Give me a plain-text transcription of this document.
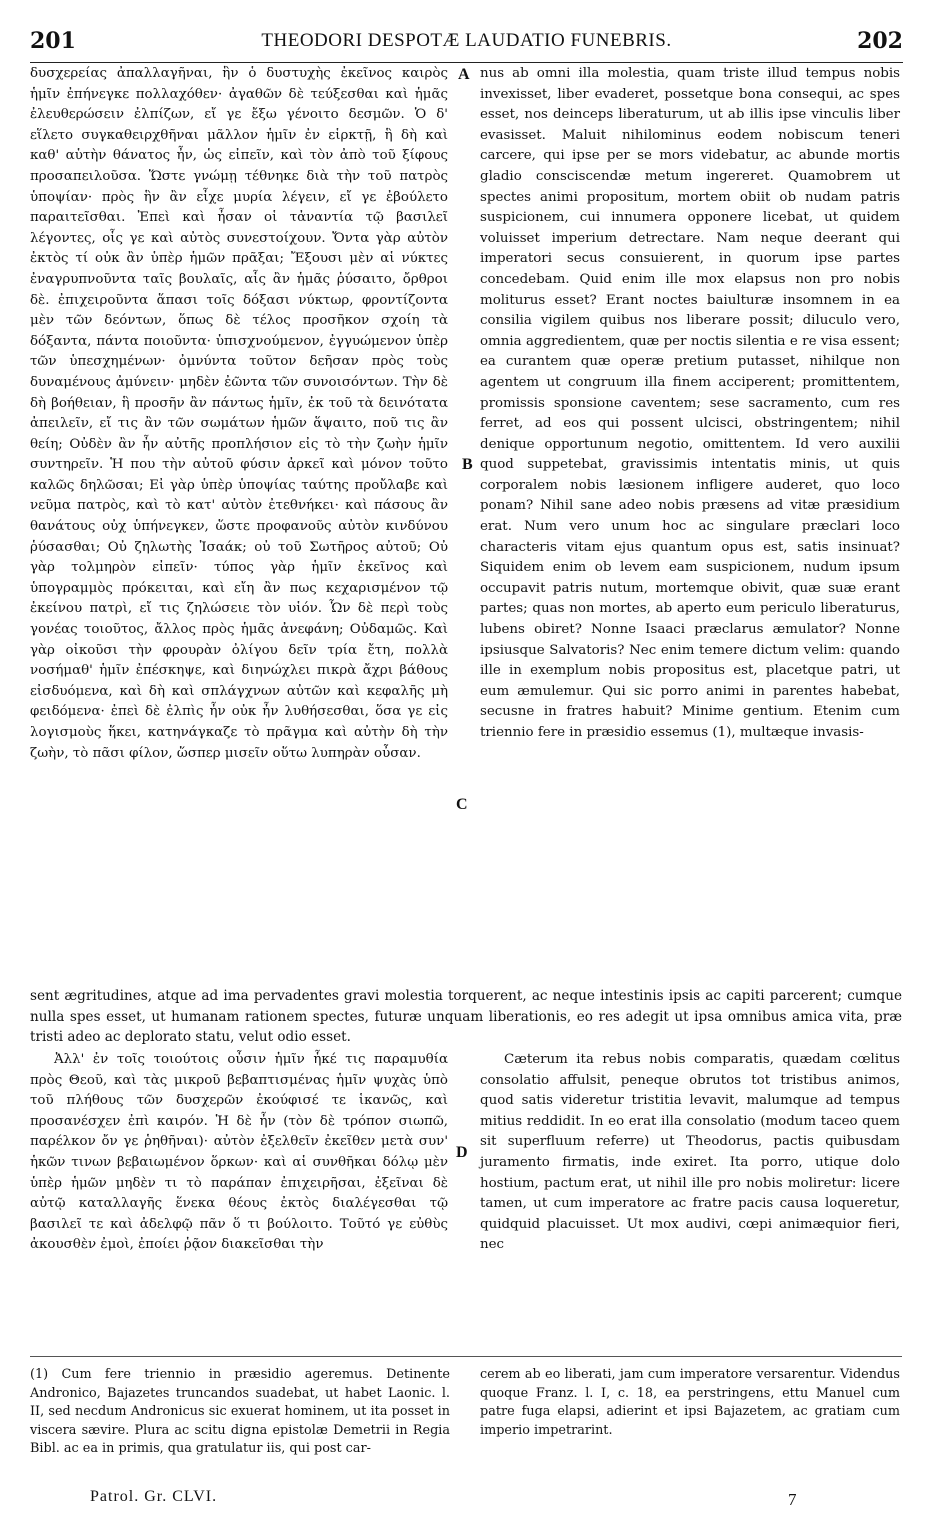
201	THEODORI DESPOTÆ LAUDATIO FUNEBRIS.	202

δυσχερείας ἀπαλλαγῆναι, ἣν ὁ δυστυχὴς ἐκεῖνος καιρὸς ἡμῖν ἐπήνεγκε πολλαχόθεν· ἀγαθῶν δὲ τεύξεσθαι καὶ ἡμᾶς ἐλευθερώσειν ἐλπίζων, εἴ γε ἔξω γένοιτο δεσμῶν. Ὁ δ' εἵλετο συγκαθειρχθῆναι μᾶλλον ἡμῖν ἐν εἱρκτῇ, ἣ δὴ καὶ καθ' αὑτὴν θάνατος ἦν, ὡς εἰπεῖν, καὶ τὸν ἀπὸ τοῦ ξίφους προσαπειλοῦσα. Ὥστε γνώμῃ τέθνηκε διὰ τὴν τοῦ πατρὸς ὑποψίαν· πρὸς ἣν ἂν εἶχε μυρία λέγειν, εἴ γε ἐβούλετο παραιτεῖσθαι. Ἐπεὶ καὶ ἦσαν οἱ τἀναντία τῷ βασιλεῖ λέγοντες, οἷς γε καὶ αὐτὸς συνεστοίχουν. Ὄντα γὰρ αὐτὸν ἐκτὸς τί οὐκ ἂν ὑπὲρ ἡμῶν πρᾶξαι; Ἔξουσι μὲν αἱ νύκτες ἐναγρυπνοῦντα ταῖς βουλαῖς, αἷς ἂν ἡμᾶς ῥύσαιτο, ὄρθροι δὲ. ἐπιχειροῦντα ἅπασι τοῖς δόξασι νύκτωρ, φροντίζοντα μὲν τῶν δεόντων, ὅπως δὲ τέλος προσῆκον σχοίη τὰ δόξαντα, πάντα ποιοῦντα· ὑπισχνούμενον, ἐγγυώμενον ὑπὲρ τῶν ὑπεσχημένων· ὀμνύντα τοῦτον δεῆσαν πρὸς τοὺς δυναμένους ἀμύνειν· μηδὲν ἐῶντα τῶν συνοισόντων. Τὴν δὲ δὴ βοήθειαν, ἣ προσῆν ἂν πάντως ἡμῖν, ἐκ τοῦ τὰ δεινότατα ἀπειλεῖν, εἴ τις ἂν τῶν σωμάτων ἡμῶν ἅψαιτο, ποῦ τις ἂν θείη; Οὐδὲν ἂν ἦν αὐτῆς προπλήσιον εἰς τὸ τὴν ζωὴν ἡμῖν συντηρεῖν. Ἡ που τὴν αὐτοῦ φύσιν ἀρκεῖ καὶ μόνον τοῦτο καλῶς δηλῶσαι; Εἰ γὰρ ὑπὲρ ὑποψίας ταύτης προὔλαβε καὶ νεῦμα πατρὸς, καὶ τὸ κατ' αὐτὸν ἐτεθνήκει· καὶ πάσους ἂν θανάτους οὐχ ὑπήνεγκεν, ὥστε προφανοῦς αὐτὸν κινδύνου ῥύσασθαι; Οὐ ζηλωτὴς Ἰσαάκ; οὐ τοῦ Σωτῆρος αὐτοῦ; Οὐ γὰρ τολμηρὸν εἰπεῖν· τύπος γὰρ ἡμῖν ἐκεῖνος καὶ ὑπογραμμὸς πρόκειται, καὶ εἴη ἂν πως κεχαρισμένον τῷ ἐκείνου πατρὶ, εἴ τις ζηλώσειε τὸν υἱόν. Ὧν δὲ περὶ τοὺς γονέας τοιοῦτος, ἄλλος πρὸς ἡμᾶς ἀνεφάνη; Οὐδαμῶς. Καὶ γὰρ οἰκοῦσι τὴν φρουρὰν ὀλίγου δεῖν τρία ἔτη, πολλὰ νοσήμαθ' ἡμῖν ἐπέσκηψε, καὶ διηνώχλει πικρὰ ἄχρι βάθους εἰσδυόμενα, καὶ δὴ καὶ σπλάγχνων αὐτῶν καὶ κεφαλῆς μὴ φειδόμενα· ἐπεὶ δὲ ἐλπὶς ἦν οὐκ ἦν λυθήσεσθαι, ὅσα γε εἰς λογισμοὺς ἥκει, κατηνάγκαζε τὸ πρᾶγμα καὶ αὐτὴν δὴ τὴν ζωὴν, τὸ πᾶσι φίλον, ὥσπερ μισεῖν οὕτω λυπηρὰν οὖσαν.

nus ab omni illa molestia, quam triste illud tempus nobis invexisset, liber evaderet, possetque bona consequi, ac spes esset, nos deinceps liberaturum, ut ab illis ipse vinculis liber evasisset. Maluit nihilominus eodem nobiscum teneri carcere, qui ipse per se mors videbatur, ac abunde mortis gladio consciscendæ metum ingereret. Quamobrem ut spectes animi propositum, mortem obiit ob nudam patris suspicionem, cui innumera opponere licebat, ut quidem voluisset imperium detrectare. Nam neque deerant qui imperatori secus consuierent, in quorum ipse partes concedebam. Quid enim ille mox elapsus non pro nobis moliturus esset? Erant noctes baiulturæ insomnem in ea consilia vigilem quibus nos liberare possit; diluculo vero, omnia aggredientem, quæ per noctis silentia e re visa essent; ea curantem quæ operæ pretium putasset, nihilque non agentem ut congruum illa finem acciperent; promittentem, promissis sponsione caventem; sese sacramento, cum res ferret, ad eos qui possent ulcisci, obstringentem; nihil denique opportunum negotio, omittentem. Id vero auxilii quod suppetebat, gravissimis intentatis minis, ut quis corporalem nobis læsionem infligere auderet, quo loco ponam? Nihil sane adeo nobis præsens ad vitæ præsidium erat. Num vero unum hoc ac singulare præclari loco characteris vitam ejus quantum opus est, satis insinuat? Siquidem enim ob levem eam suspicionem, nudum ipsum occupavit patris nutum, mortemque obivit, quæ suæ erant partes; quas non mortes, ab aperto eum periculo liberaturus, lubens obiret? Nonne Isaaci præclarus æmulator? Nonne ipsiusque Salvatoris? Nec enim temere dictum velim: quando ille in exemplum nobis propositus est, placetque patri, ut eum æmulemur. Qui sic porro animi in parentes habebat, secusne in fratres habuit? Minime gentium. Etenim cum triennio fere in præsidio essemus (1), multæque invasis-

A
B
C
D

sent ægritudines, atque ad ima pervadentes gravi molestia torquerent, ac neque intestinis ipsis ac capiti parcerent; cumque nulla spes esset, ut humanam rationem spectes, futuræ unquam liberationis, eo res adegit ut ipsa omnibus amica vita, præ tristi adeo ac deplorato statu, velut odio esset.

Ἀλλ' ἐν τοῖς τοιούτοις οὖσιν ἡμῖν ἧκέ τις παραμυθία πρὸς Θεοῦ, καὶ τὰς μικροῦ βεβαπτισμένας ἡμῖν ψυχὰς ὑπὸ τοῦ πλήθους τῶν δυσχερῶν ἐκούφισέ τε ἱκανῶς, καὶ προσανέσχεν ἐπὶ καιρόν. Ἡ δὲ ἦν (τὸν δὲ τρόπον σιωπῶ, παρέλκον ὄν γε ῥηθῆναι)· αὐτὸν ἐξελθεῖν ἐκεῖθεν μετὰ συν' ἡκῶν τινων βεβαιωμένον ὅρκων· καὶ αἱ συνθῆκαι δόλῳ μὲν ὑπὲρ ἡμῶν μηδὲν τι τὸ παράπαν ἐπιχειρῆσαι, ἐξεῖναι δὲ αὐτῷ καταλλαγῆς ἕνεκα θέους ἐκτὸς διαλέγεσθαι τῷ βασιλεῖ τε καὶ ἀδελφῷ πᾶν ὅ τι βούλοιτο. Τοῦτό γε εὐθὺς ἀκουσθὲν ἐμοὶ, ἐποίει ῥᾷον διακεῖσθαι τὴν

Cæterum ita rebus nobis comparatis, quædam cœlitus consolatio affulsit, peneque obrutos tot tristibus animos, quod satis videretur tristitia levavit, malumque ad tempus mitius reddidit. In eo erat illa consolatio (modum taceo quem sit superfluum referre) ut Theodorus, pactis quibusdam juramento firmatis, inde exiret. Ita porro, utique dolo hostium, pactum erat, ut nihil ille pro nobis moliretur: licere tamen, ut cum imperatore ac fratre pacis causa loqueretur, quidquid placuisset. Ut mox audivi, cœpi animæquior fieri, nec

(1) Cum fere triennio in præsidio ageremus. Detinente Andronico, Bajazetes truncandos suadebat, ut habet Laonic. l. II, sed necdum Andronicus sic exuerat hominem, ut ita posset in viscera sævire. Plura ac scitu digna epistolæ Demetrii in Regia Bibl. ac ea in primis, qua gratulatur iis, qui post car-
cerem ab eo liberati, jam cum imperatore versarentur. Videndus quoque Franz. l. I, c. 18, ea perstringens, ettu Manuel cum patre fuga elapsi, adierint et ipsi Bajazetem, ac gratiam cum imperio impetrarint.
Patrol. Gr. CLVI.	7
